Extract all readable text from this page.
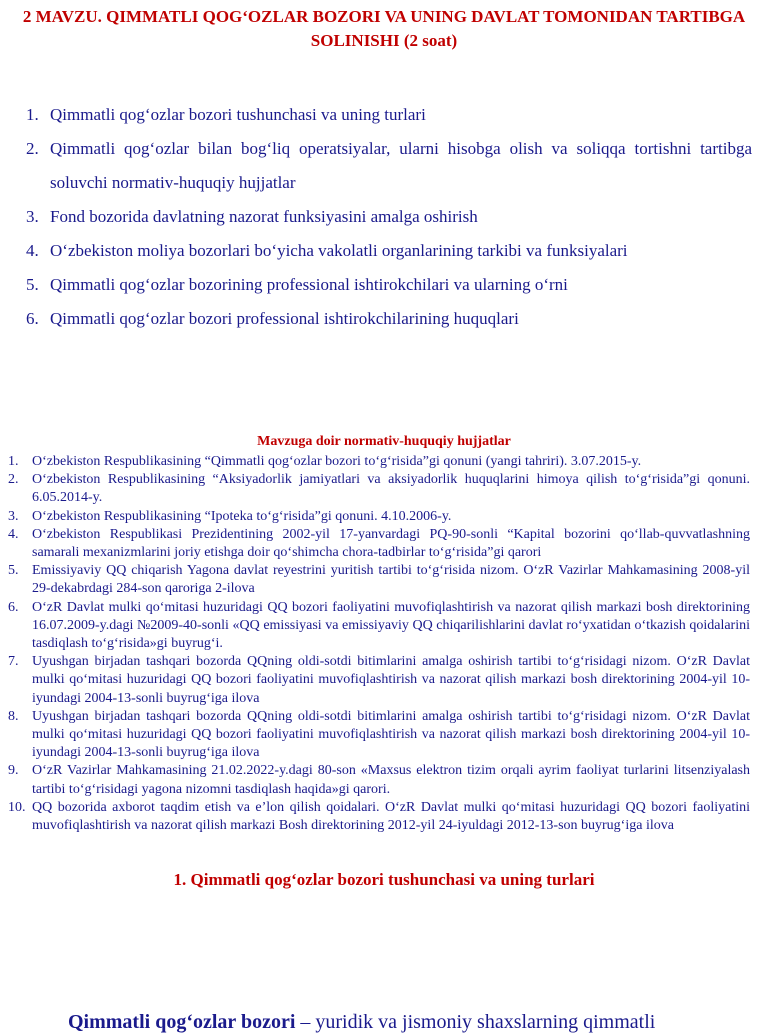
2 MAVZU. QIMMATLI QOG‘OZLAR BOZORI VA UNING DAVLAT TOMONIDAN TARTIBGA SOLINISHI (2 soat)
1. Qimmatli qog‘ozlar bozori tushunchasi va uning turlari
2. Qimmatli qog‘ozlar bilan bog‘liq operatsiyalar, ularni hisobga olish va soliqqa tortishni tartibga soluvchi normativ-huquqiy hujjatlar
3. Fond bozorida davlatning nazorat funksiyasini amalga oshirish
4. O‘zbekiston moliya bozorlari bo‘yicha vakolatli organlarining tarkibi va funksiyalari
5. Qimmatli qog‘ozlar bozorining professional ishtirokchilari va ularning o‘rni
6. Qimmatli qog‘ozlar bozori professional ishtirokchilarining huquqlari
Mavzuga doir normativ-huquqiy hujjatlar
1. O‘zbekiston Respublikasining “Qimmatli qog‘ozlar bozori to‘g‘risida”gi qonuni (yangi tahriri). 3.07.2015-y.
2. O‘zbekiston Respublikasining “Aksiyadorlik jamiyatlari va aksiyadorlik huquqlarini himoya qilish to‘g‘risida”gi qonuni. 6.05.2014-y.
3. O‘zbekiston Respublikasining “Ipoteka to‘g‘risida”gi qonuni. 4.10.2006-y.
4. O‘zbekiston Respublikasi Prezidentining 2002-yil 17-yanvardagi PQ-90-sonli “Kapital bozorini qo‘llab-quvvatlashning samarali mexanizmlarini joriy etishga doir qo‘shimcha chora-tadbirlar to‘g‘risida”gi qarori
5. Emissiyaviy QQ chiqarish Yagona davlat reyestrini yuritish tartibi to‘g‘risida nizom. O‘zR Vazirlar Mahkamasining 2008-yil 29-dekabrdagi 284-son qaroriga 2-ilova
6. O‘zR Davlat mulki qo‘mitasi huzuridagi QQ bozori faoliyatini muvofiqlashtirish va nazorat qilish markazi bosh direktorining 16.07.2009-y.dagi №2009-40-sonli «QQ emissiyasi va emissiyaviy QQ chiqarilishlarini davlat ro‘yxatidan o‘tkazish qoidalarini tasdiqlash to‘g‘risida»gi buyrug‘i.
7. Uyushgan birjadan tashqari bozorda QQning oldi-sotdi bitimlarini amalga oshirish tartibi to‘g‘risidagi nizom. O‘zR Davlat mulki qo‘mitasi huzuridagi QQ bozori faoliyatini muvofiqlashtirish va nazorat qilish markazi bosh direktorining 2004-yil 10-iyundagi 2004-13-sonli buyrug‘iga ilova
8. Uyushgan birjadan tashqari bozorda QQning oldi-sotdi bitimlarini amalga oshirish tartibi to‘g‘risidagi nizom. O‘zR Davlat mulki qo‘mitasi huzuridagi QQ bozori faoliyatini muvofiqlashtirish va nazorat qilish markazi bosh direktorining 2004-yil 10-iyundagi 2004-13-sonli buyrug‘iga ilova
9. O‘zR Vazirlar Mahkamasining 21.02.2022-y.dagi 80-son «Maxsus elektron tizim orqali ayrim faoliyat turlarini litsenziyalash tartibi to‘g‘risidagi yagona nizomni tasdiqlash haqida»gi qarori.
10. QQ bozorida axborot taqdim etish va e’lon qilish qoidalari. O‘zR Davlat mulki qo‘mitasi huzuridagi QQ bozori faoliyatini muvofiqlashtirish va nazorat qilish markazi Bosh direktorining 2012-yil 24-iyuldagi 2012-13-son buyrug‘iga ilova
1. Qimmatli qog‘ozlar bozori tushunchasi va uning turlari
Qimmatli qog‘ozlar bozori – yuridik va jismoniy shaxslarning qimmatli
